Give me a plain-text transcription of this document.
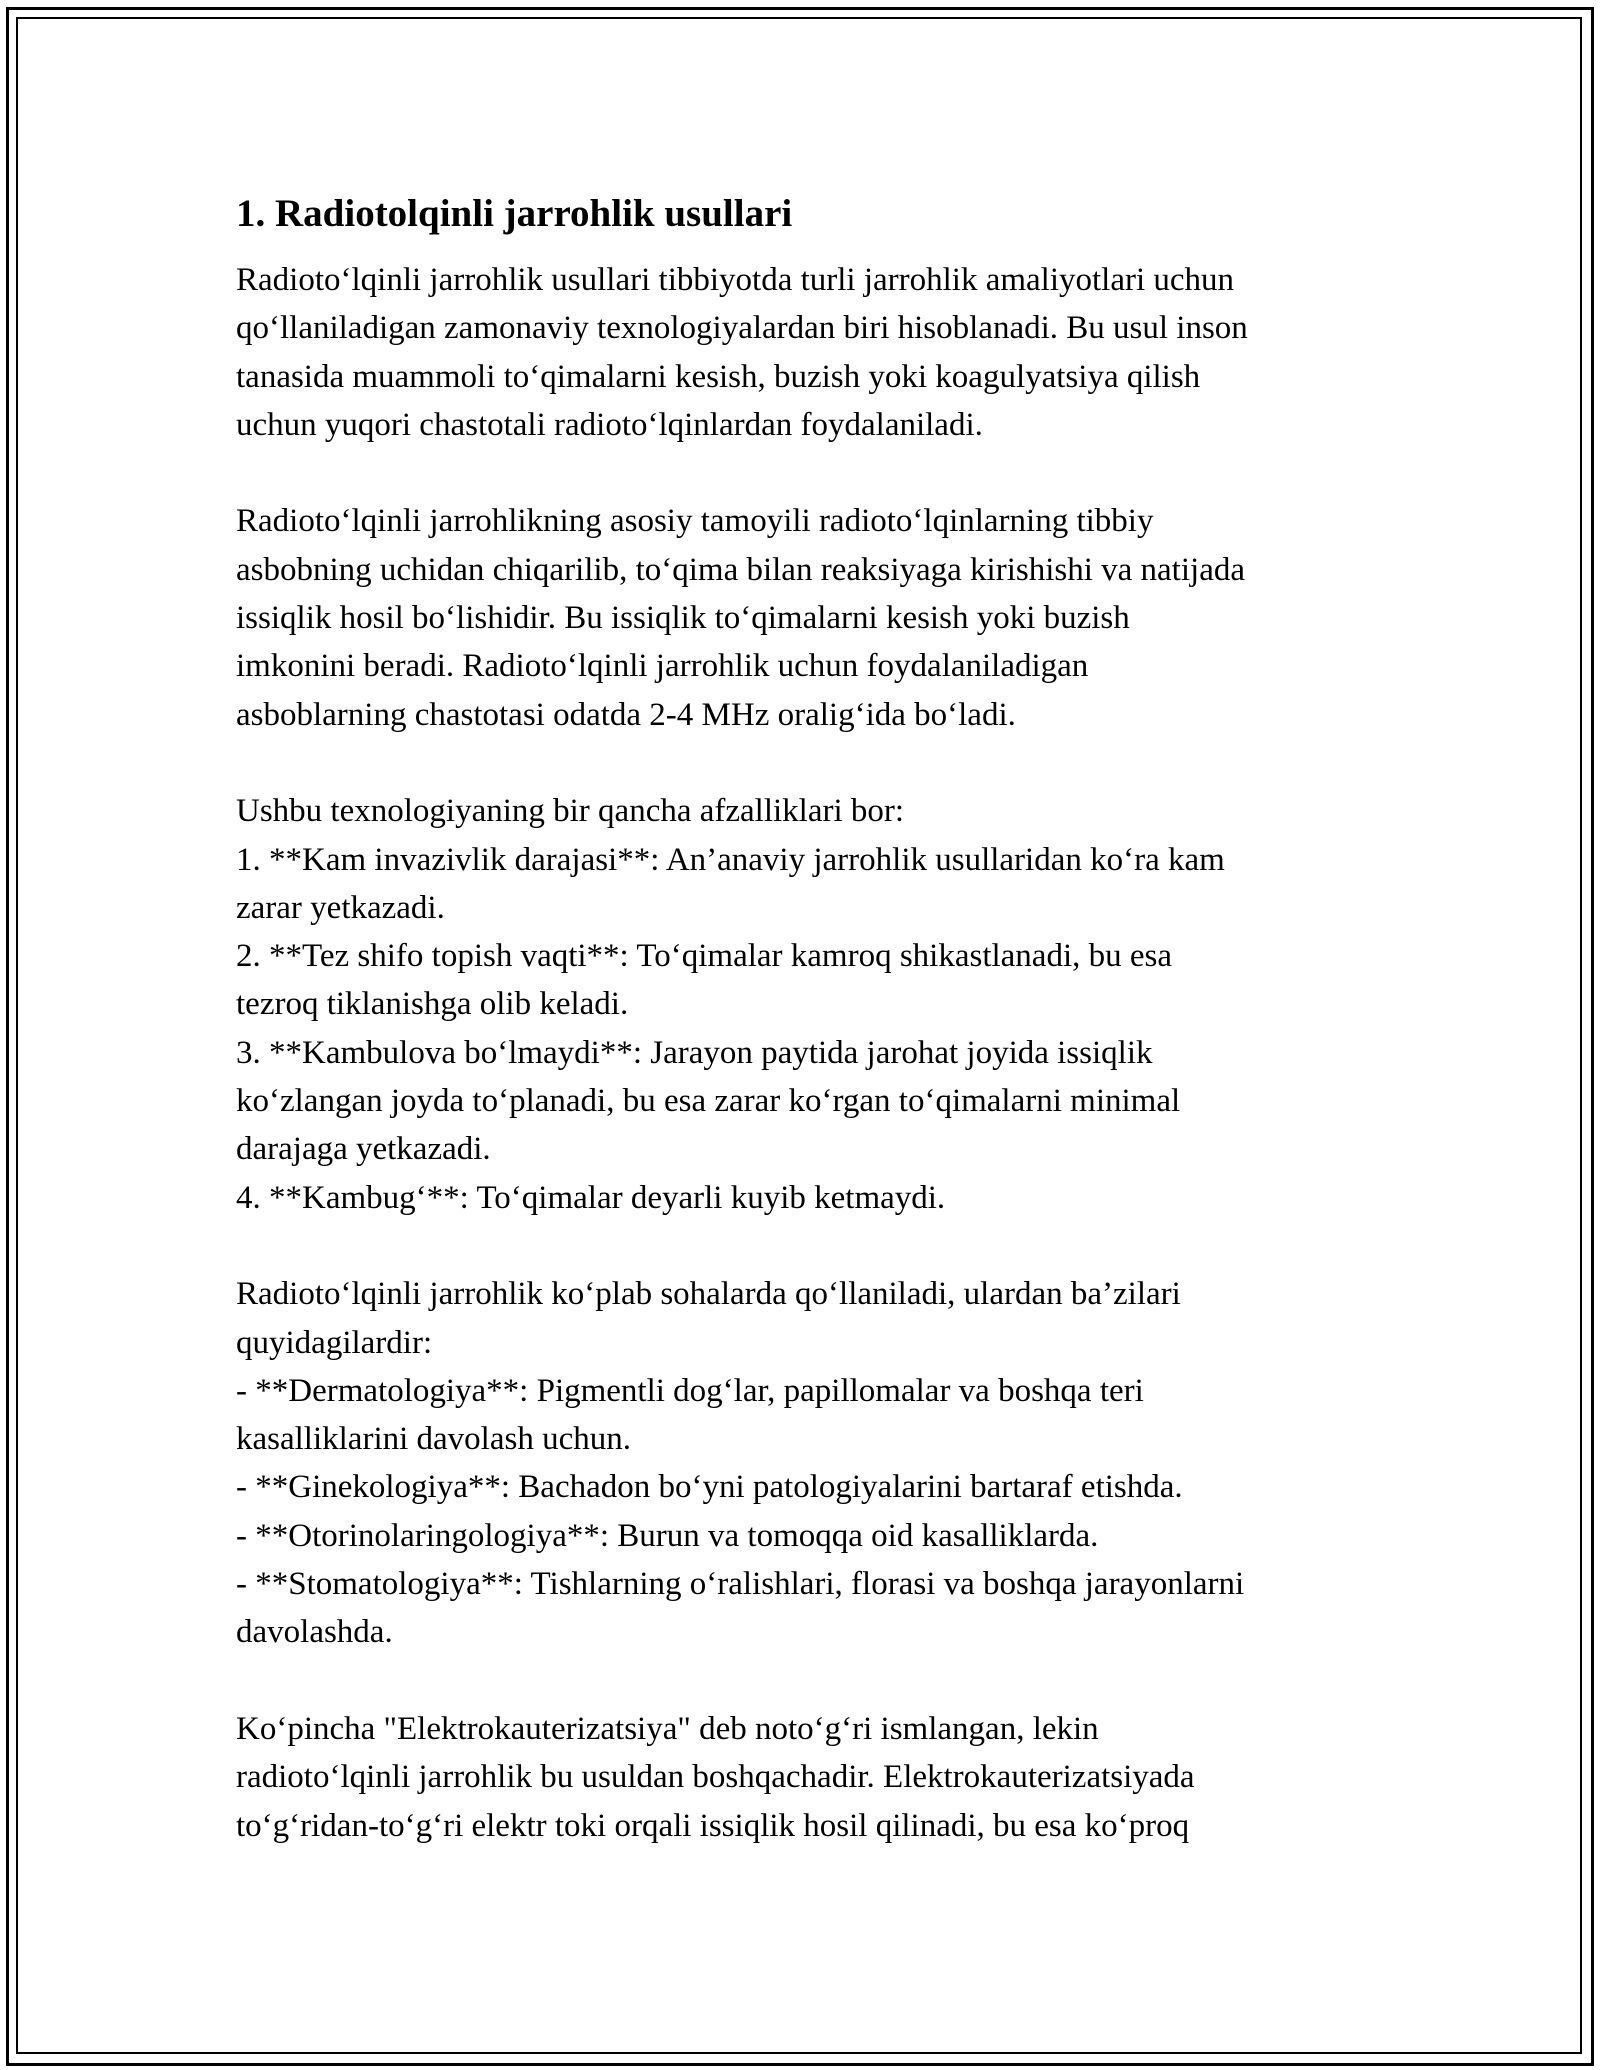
1. Radiotolqinli jarrohlik usullari

Radioto‘lqinli jarrohlik usullari tibbiyotda turli jarrohlik amaliyotlari uchun
qo‘llaniladigan zamonaviy texnologiyalardan biri hisoblanadi. Bu usul inson
tanasida muammoli to‘qimalarni kesish, buzish yoki koagulyatsiya qilish
uchun yuqori chastotali radioto‘lqinlardan foydalaniladi.

Radioto‘lqinli jarrohlikning asosiy tamoyili radioto‘lqinlarning tibbiy
asbobning uchidan chiqarilib, to‘qima bilan reaksiyaga kirishishi va natijada
issiqlik hosil bo‘lishidir. Bu issiqlik to‘qimalarni kesish yoki buzish
imkonini beradi. Radioto‘lqinli jarrohlik uchun foydalaniladigan
asboblarning chastotasi odatda 2-4 MHz oralig‘ida bo‘ladi.

Ushbu texnologiyaning bir qancha afzalliklari bor:
1. **Kam invazivlik darajasi**: An’anaviy jarrohlik usullaridan ko‘ra kam
zarar yetkazadi.
2. **Tez shifo topish vaqti**: To‘qimalar kamroq shikastlanadi, bu esa
tezroq tiklanishga olib keladi.
3. **Kambulova bo‘lmaydi**: Jarayon paytida jarohat joyida issiqlik
ko‘zlangan joyda to‘planadi, bu esa zarar ko‘rgan to‘qimalarni minimal
darajaga yetkazadi.
4. **Kambug‘**: To‘qimalar deyarli kuyib ketmaydi.

Radioto‘lqinli jarrohlik ko‘plab sohalarda qo‘llaniladi, ulardan ba’zilari
quyidagilardir:
- **Dermatologiya**: Pigmentli dog‘lar, papillomalar va boshqa teri
kasalliklarini davolash uchun.
- **Ginekologiya**: Bachadon bo‘yni patologiyalarini bartaraf etishda.
- **Otorinolaringologiya**: Burun va tomoqqa oid kasalliklarda.
- **Stomatologiya**: Tishlarning o‘ralishlari, florasi va boshqa jarayonlarni
davolashda.

Ko‘pincha "Elektrokauterizatsiya" deb noto‘g‘ri ismlangan, lekin
radioto‘lqinli jarrohlik bu usuldan boshqachadir. Elektrokauterizatsiyada
to‘g‘ridan-to‘g‘ri elektr toki orqali issiqlik hosil qilinadi, bu esa ko‘proq
